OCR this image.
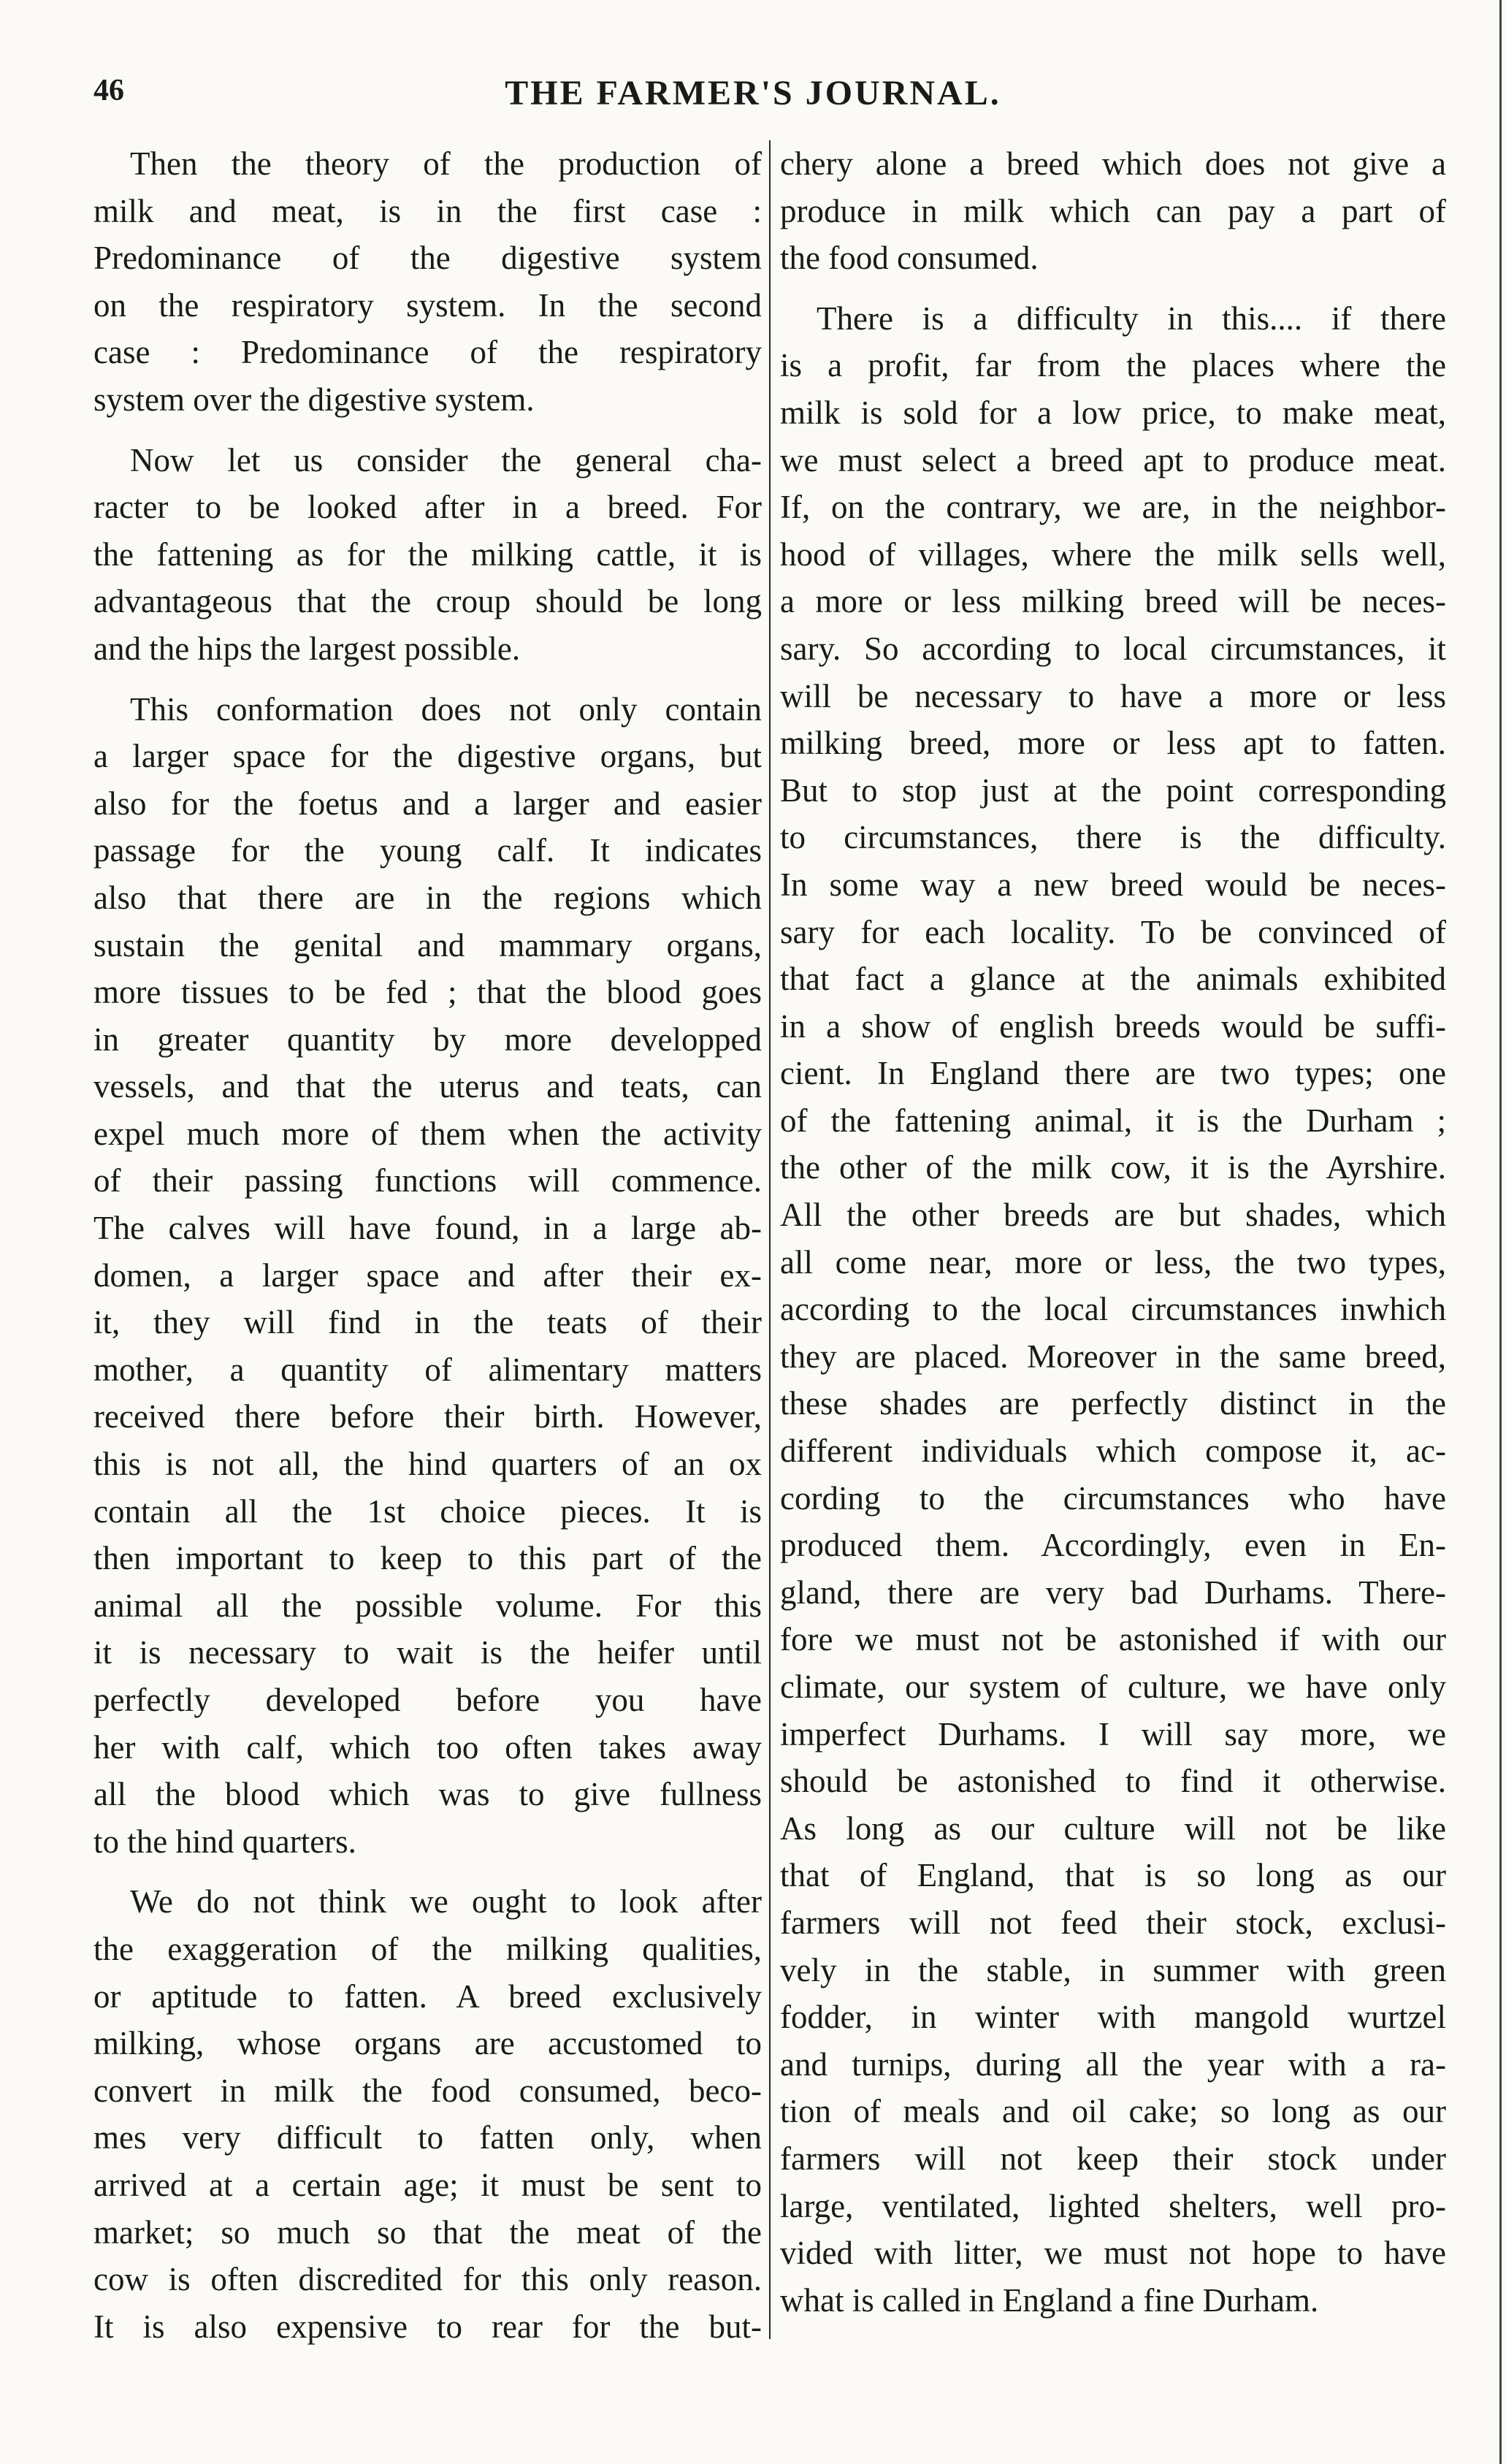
46	THE FARMER'S JOURNAL.
Then the theory of the production of
milk and meat, is in the first case :
Predominance of the digestive system
on the respiratory system. In the second
case : Predominance of the respiratory
system over the digestive system.
Now let us consider the general cha-
racter to be looked after in a breed. For
the fattening as for the milking cattle, it is
advantageous that the croup should be long
and the hips the largest possible.
This conformation does not only contain
a larger space for the digestive organs, but
also for the foetus and a larger and easier
passage for the young calf. It indicates
also that there are in the regions which
sustain the genital and mammary organs,
more tissues to be fed ; that the blood goes
in greater quantity by more developped
vessels, and that the uterus and teats, can
expel much more of them when the activity
of their passing functions will commence.
The calves will have found, in a large ab-
domen, a larger space and after their ex-
it, they will find in the teats of their
mother, a quantity of alimentary matters
received there before their birth. However,
this is not all, the hind quarters of an ox
contain all the 1st choice pieces. It is
then important to keep to this part of the
animal all the possible volume. For this
it is necessary to wait is the heifer until
perfectly developed before you have
her with calf, which too often takes away
all the blood which was to give fullness
to the hind quarters.
We do not think we ought to look after
the exaggeration of the milking qualities,
or aptitude to fatten. A breed exclusively
milking, whose organs are accustomed to
convert in milk the food consumed, beco-
mes very difficult to fatten only, when
arrived at a certain age; it must be sent to
market; so much so that the meat of the
cow is often discredited for this only reason.
It is also expensive to rear for the but-
chery alone a breed which does not give a
produce in milk which can pay a part of
the food consumed.
There is a difficulty in this.... if there
is a profit, far from the places where the
milk is sold for a low price, to make meat,
we must select a breed apt to produce meat.
If, on the contrary, we are, in the neighbor-
hood of villages, where the milk sells well,
a more or less milking breed will be neces-
sary. So according to local circumstances, it
will be necessary to have a more or less
milking breed, more or less apt to fatten.
But to stop just at the point corresponding
to circumstances, there is the difficulty.
In some way a new breed would be neces-
sary for each locality. To be convinced of
that fact a glance at the animals exhibited
in a show of english breeds would be suffi-
cient. In England there are two types; one
of the fattening animal, it is the Durham ;
the other of the milk cow, it is the Ayrshire.
All the other breeds are but shades, which
all come near, more or less, the two types,
according to the local circumstances inwhich
they are placed. Moreover in the same breed,
these shades are perfectly distinct in the
different individuals which compose it, ac-
cording to the circumstances who have
produced them. Accordingly, even in En-
gland, there are very bad Durhams. There-
fore we must not be astonished if with our
climate, our system of culture, we have only
imperfect Durhams. I will say more, we
should be astonished to find it otherwise.
As long as our culture will not be like
that of England, that is so long as our
farmers will not feed their stock, exclusi-
vely in the stable, in summer with green
fodder, in winter with mangold wurtzel
and turnips, during all the year with a ra-
tion of meals and oil cake; so long as our
farmers will not keep their stock under
large, ventilated, lighted shelters, well pro-
vided with litter, we must not hope to have
what is called in England a fine Durham.
